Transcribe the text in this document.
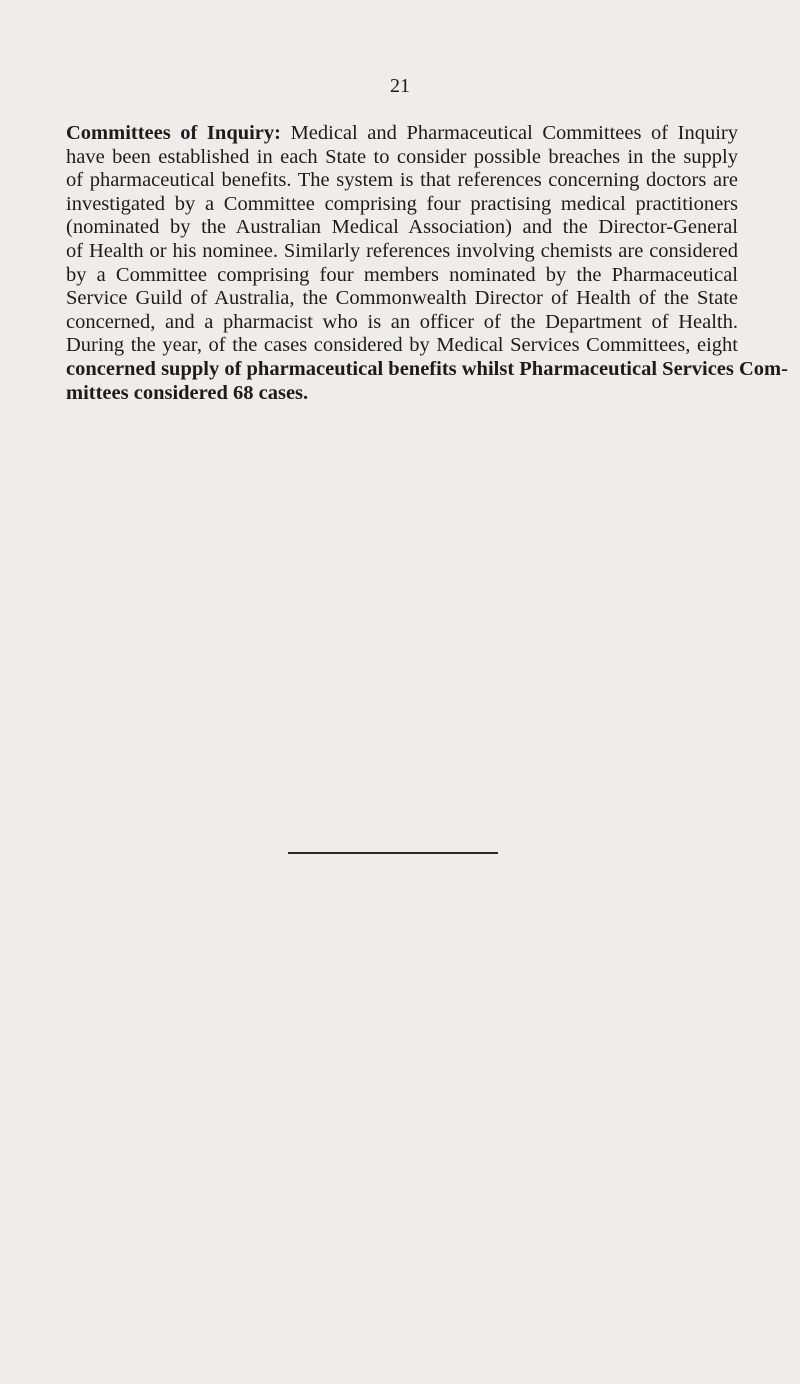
21
Committees of Inquiry: Medical and Pharmaceutical Committees of Inquiry
have been established in each State to consider possible breaches in the supply
of pharmaceutical benefits. The system is that references concerning doctors are
investigated by a Committee comprising four practising medical practitioners
(nominated by the Australian Medical Association) and the Director-General
of Health or his nominee. Similarly references involving chemists are considered
by a Committee comprising four members nominated by the Pharmaceutical
Service Guild of Australia, the Commonwealth Director of Health of the State
concerned, and a pharmacist who is an officer of the Department of Health.
During the year, of the cases considered by Medical Services Committees, eight
concerned supply of pharmaceutical benefits whilst Pharmaceutical Services Com-
mittees considered 68 cases.
